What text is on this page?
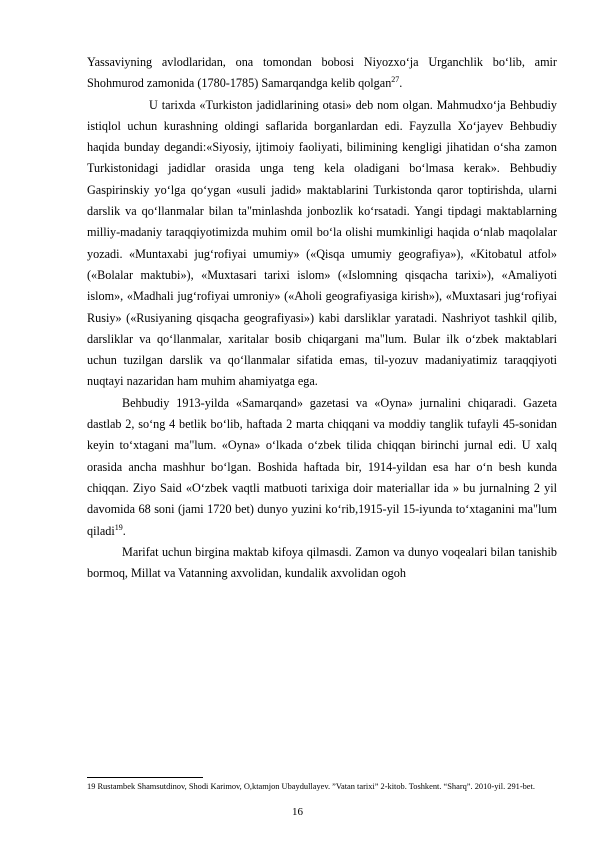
Yassaviyning avlodlaridan, ona tomondan bobosi Niyozxo‘ja Urganchlik bo‘lib, amir Shohmurod zamonida (1780-1785) Samarqandga kelib qolgan$^{27}$.

U tarixda «Turkiston jadidlarining otasi» deb nom olgan. Mahmudxo‘ja Behbudiy istiqlol uchun kurashning oldingi saflarida borganlardan edi. Fayzulla Xo‘jayev Behbudiy haqida bunday degandi:«Siyosiy, ijtimoiy faoliyati, bilimining kengligi jihatidan o‘sha zamon Turkistonidagi jadidlar orasida unga teng kela oladigani bo‘lmasa kerak». Behbudiy Gaspirinskiy yo‘lga qo‘ygan «usuli jadid» maktablarini Turkistonda qaror toptirishda, ularni darslik va qo‘llanmalar bilan ta"minlashda jonbozlik ko‘rsatadi. Yangi tipdagi maktablarning milliy-madaniy taraqqiyotimizda muhim omil bo‘la olishi mumkinligi haqida o‘nlab maqolalar yozadi. «Muntaxabi jug‘rofiyai umumiy» («Qisqa umumiy geografiya»), «Kitobatul atfol» («Bolalar maktubi»), «Muxtasari tarixi islom» («Islomning qisqacha tarixi»), «Amaliyoti islom», «Madhali jug‘rofiyai umroniy» («Aholi geografiyasiga kirish»), «Muxtasari jug‘rofiyai Rusiy» («Rusiyaning qisqacha geografiyasi») kabi darsliklar yaratadi. Nashriyot tashkil qilib, darsliklar va qo‘llanmalar, xaritalar bosib chiqargani ma"lum. Bular ilk o‘zbek maktablari uchun tuzilgan darslik va qo‘llanmalar sifatida emas, til-yozuv madaniyatimiz taraqqiyoti nuqtayi nazaridan ham muhim ahamiyatga ega.

Behbudiy 1913-yilda «Samarqand» gazetasi va «Oyna» jurnalini chiqaradi. Gazeta dastlab 2, so‘ng 4 betlik bo‘lib, haftada 2 marta chiqqani va moddiy tanglik tufayli 45-sonidan keyin to‘xtagani ma"lum. «Oyna» o‘lkada o‘zbek tilida chiqqan birinchi jurnal edi. U xalq orasida ancha mashhur bo‘lgan. Boshida haftada bir, 1914-yildan esa har o‘n besh kunda chiqqan. Ziyo Said «O‘zbek vaqtli matbuoti tarixiga doir materiallar ida » bu jurnalning 2 yil davomida 68 soni (jami 1720 bet) dunyo yuzini ko‘rib,1915-yil 15-iyunda to‘xtaganini ma"lum qiladi$^{19}$.

Marifat uchun birgina maktab kifoya qilmasdi. Zamon va dunyo voqealari bilan tanishib bormoq, Millat va Vatanning axvolidan, kundalik axvolidan ogoh

19 Rustambek Shamsutdinov, Shodi Karimov, O,ktamjon Ubaydullayev. ”Vatan tarixi” 2-kitob. Toshkent. “Sharq”. 2010-yil. 291-bet.
16
